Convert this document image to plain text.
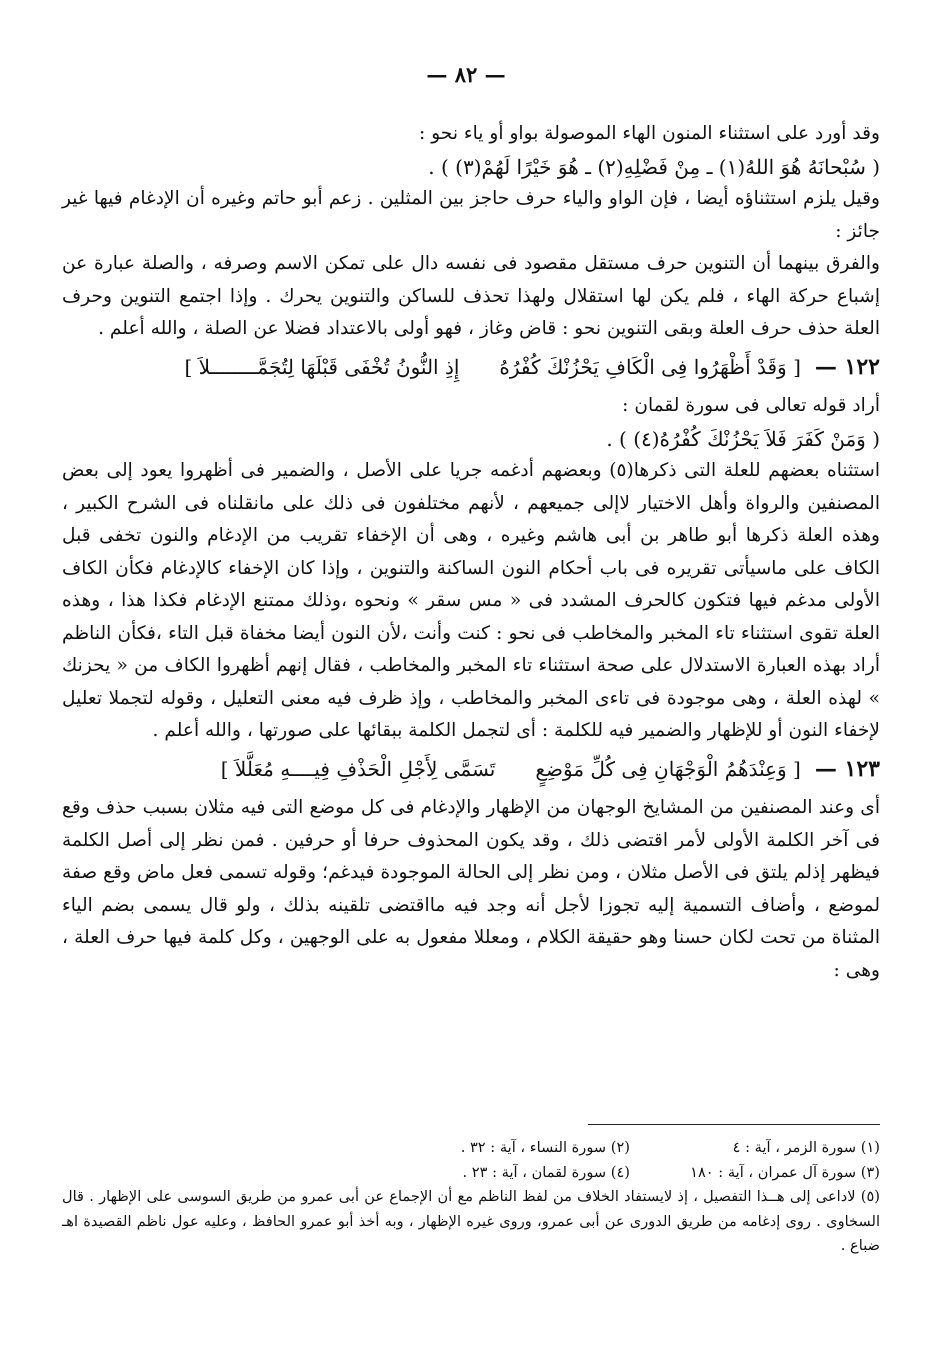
— ٨٢ —

وقد أورد على استثناء المنون الهاء الموصولة بواو أو ياء نحو :

( سُبْحانَهُ هُوَ اللهُ(١) ـ مِنْ فَضْلِهِ(٢) ـ هُوَ خَيْرًا لَهُمْ(٣) ) .

وقيل يلزم استثناؤه أيضا ، فإن الواو والياء حرف حاجز بين المثلين . زعم أبو حاتم وغيره أن الإدغام فيها غير جائز :

والفرق بينهما أن التنوين حرف مستقل مقصود فى نفسه دال على تمكن الاسم وصرفه ، والصلة عبارة عن إشباع حركة الهاء ، فلم يكن لها استقلال ولهذا تحذف للساكن والتنوين يحرك . وإذا اجتمع التنوين وحرف العلة حذف حرف العلة وبقى التنوين نحو : قاض وغاز ، فهو أولى بالاعتداد فضلا عن الصلة ، والله أعلم .

١٢٢ —
[ وَقَدْ أَظْهَرُوا فِى الْكَافِ يَحْزُنْكَ كُفْرُهُ
إِذِ النُّونُ تُخْفَى قَبْلَهَا لِتُجَمَّــــــــلاَ ]

أراد قوله تعالى فى سورة لقمان :

( وَمَنْ كَفَرَ فَلاَ يَحْزُنْكَ كُفْرُهُ(٤) ) .

استثناه بعضهم للعلة التى ذكرها(٥) وبعضهم أدغمه جريا على الأصل ، والضمير فى أظهروا يعود إلى بعض المصنفين والرواة وأهل الاختيار لاإلى جميعهم ، لأنهم مختلفون فى ذلك على مانقلناه فى الشرح الكبير ، وهذه العلة ذكرها أبو طاهر بن أبى هاشم وغيره ، وهى أن الإخفاء تقريب من الإدغام والنون تخفى قبل الكاف على ماسيأتى تقريره فى باب أحكام النون الساكنة والتنوين ، وإذا كان الإخفاء كالإدغام فكأن الكاف الأولى مدغم فيها فتكون كالحرف المشدد فى « مس سقر » ونحوه ،وذلك ممتنع الإدغام فكذا هذا ، وهذه العلة تقوى استثناء تاء المخبر والمخاطب فى نحو : كنت وأنت ،لأن النون أيضا مخفاة قبل التاء ،فكأن الناظم أراد بهذه العبارة الاستدلال على صحة استثناء تاء المخبر والمخاطب ، فقال إنهم أظهروا الكاف من « يحزنك » لهذه العلة ، وهى موجودة فى تاءى المخبر والمخاطب ، وإذ ظرف فيه معنى التعليل ، وقوله لتجملا تعليل لإخفاء النون أو للإظهار والضمير فيه للكلمة : أى لتجمل الكلمة ببقائها على صورتها ، والله أعلم .

١٢٣ —
[ وَعِنْدَهُمُ الْوَجْهَانِ فِى كُلِّ مَوْضِعٍ
تَسَمَّى لِأَجْلِ الْحَذْفِ فِيــــهِ مُعَلَّلاَ ]

أى وعند المصنفين من المشايخ الوجهان من الإظهار والإدغام فى كل موضع التى فيه مثلان بسبب حذف وقع فى آخر الكلمة الأولى لأمر اقتضى ذلك ، وقد يكون المحذوف حرفا أو حرفين . فمن نظر إلى أصل الكلمة فيظهر إذلم يلتق فى الأصل مثلان ، ومن نظر إلى الحالة الموجودة فيدغم؛ وقوله تسمى فعل ماض وقع صفة لموضع ، وأضاف التسمية إليه تجوزا لأجل أنه وجد فيه مااقتضى تلقينه بذلك ، ولو قال يسمى بضم الياء المثناة من تحت لكان حسنا وهو حقيقة الكلام ، ومعللا مفعول به على الوجهين ، وكل كلمة فيها حرف العلة ، وهى :

(١) سورة الزمر ، آية : ٤
(٢) سورة النساء ، آية : ٣٢ .
(٣) سورة آل عمران ، آية : ١٨٠
(٤) سورة لقمان ، آية : ٢٣ .

(٥) لاداعى إلى هــذا التفصيل ، إذ لايستفاد الخلاف من لفظ الناظم مع أن الإجماع عن أبى عمرو من طريق السوسى على الإظهار . قال السخاوى . روى إدغامه من طريق الدورى عن أبى عمرو، وروى غيره الإظهار ، وبه أخذ أبو عمرو الحافظ ، وعليه عول ناظم القصيدة اهـ ضباع .
